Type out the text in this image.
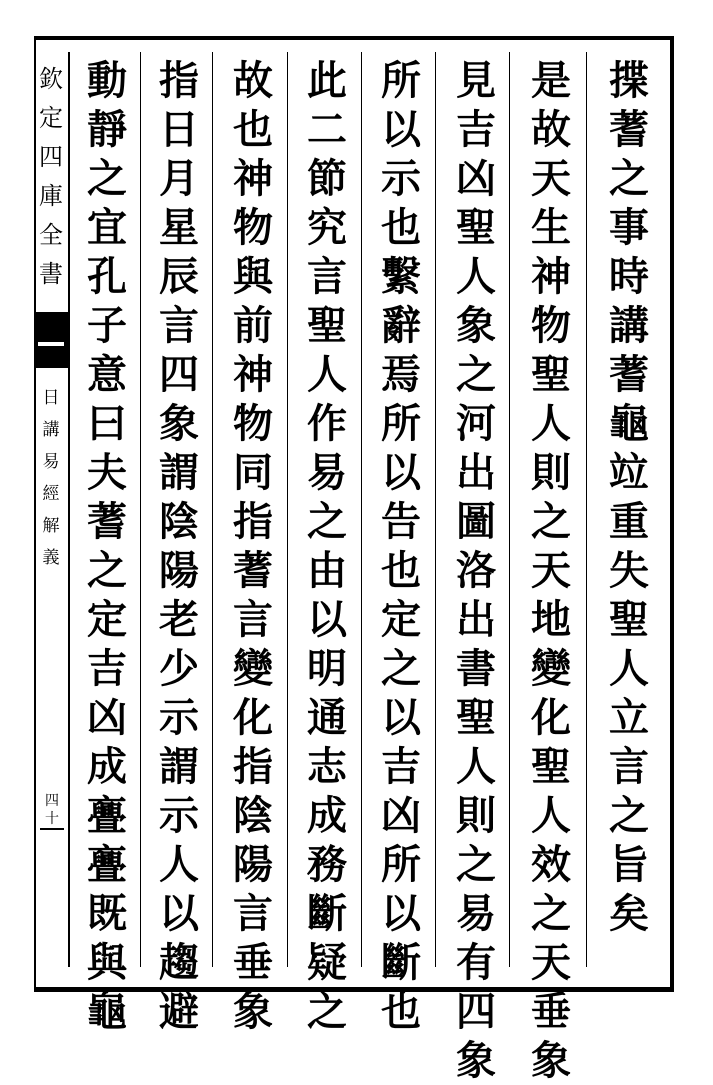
欽
定
四
庫
全
書
日
講
易
經
解
義
四十
揲
蓍
之
事
時
講
蓍
龜
竝
重
失
聖
人
立
言
之
旨
矣
是
故
天
生
神
物
聖
人
則
之
天
地
變
化
聖
人
效
之
天
垂
象
見
吉
凶
聖
人
象
之
河
出
圖
洛
出
書
聖
人
則
之
易
有
四
象
所
以
示
也
繫
辭
焉
所
以
告
也
定
之
以
吉
凶
所
以
斷
也
此
二
節
究
言
聖
人
作
易
之
由
以
明
通
志
成
務
斷
疑
之
故
也
神
物
與
前
神
物
同
指
蓍
言
變
化
指
陰
陽
言
垂
象
指
日
月
星
辰
言
四
象
謂
陰
陽
老
少
示
謂
示
人
以
趨
避
動
靜
之
宜
孔
子
意
曰
夫
蓍
之
定
吉
凶
成
亹
亹
既
與
龜
